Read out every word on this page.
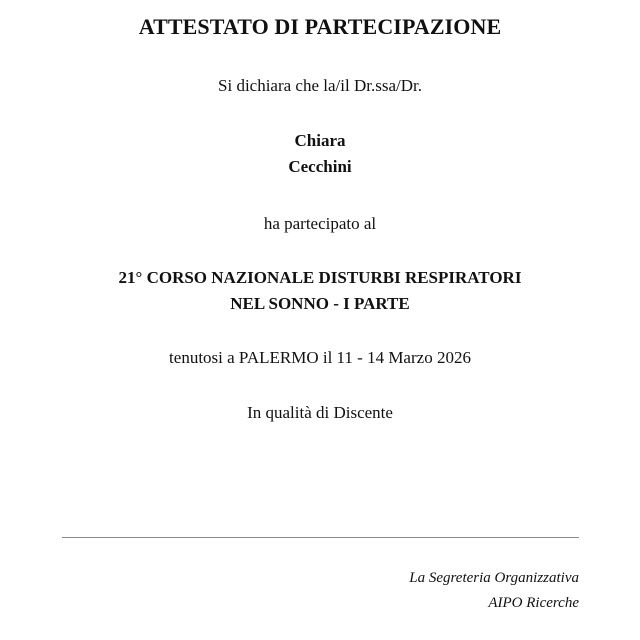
ATTESTATO DI PARTECIPAZIONE
Si dichiara che la/il Dr.ssa/Dr.
Chiara
Cecchini
ha partecipato al
21° CORSO NAZIONALE DISTURBI RESPIRATORI
NEL SONNO - I PARTE
tenutosi a PALERMO il 11 - 14 Marzo 2026
In qualità di Discente
La Segreteria Organizzativa
AIPO Ricerche
